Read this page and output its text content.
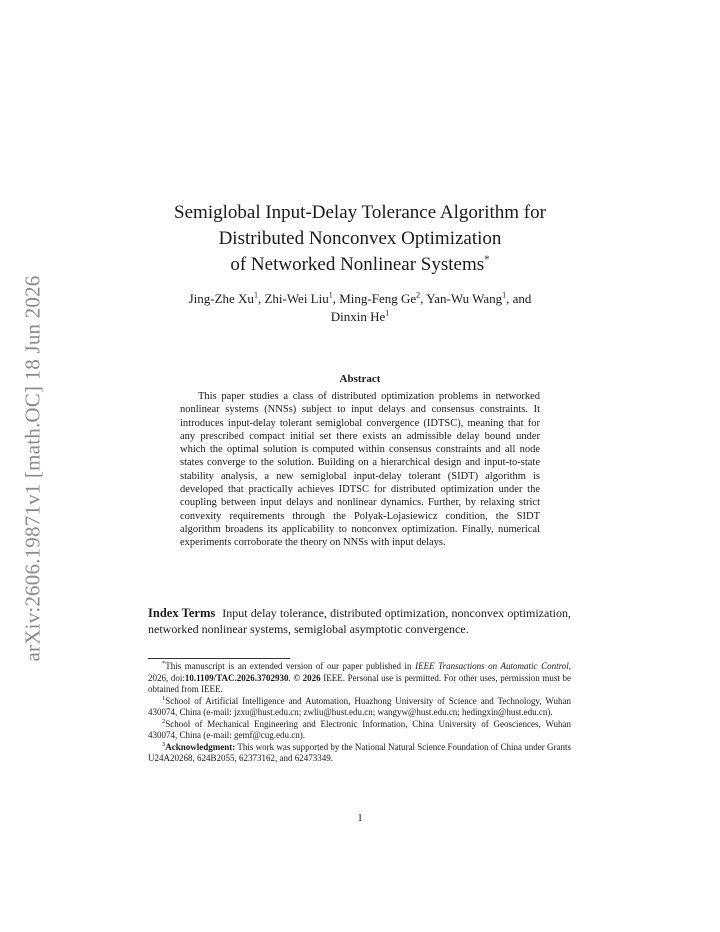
arXiv:2606.19871v1 [math.OC] 18 Jun 2026
Semiglobal Input-Delay Tolerance Algorithm for
Distributed Nonconvex Optimization
of Networked Nonlinear Systems*
Jing-Zhe Xu$^1$, Zhi-Wei Liu$^1$, Ming-Feng Ge$^2$, Yan-Wu Wang$^1$, and
Dinxin He$^1$
Abstract

This paper studies a class of distributed optimization problems in networked nonlinear systems (NNSs) subject to input delays and consensus constraints. It introduces input-delay tolerant semiglobal convergence (IDTSC), meaning that for any prescribed compact initial set there exists an admissible delay bound under which the optimal solution is computed within consensus constraints and all node states converge to the solution. Building on a hierarchical design and input-to-state stability analysis, a new semiglobal input-delay tolerant (SIDT) algorithm is developed that practically achieves IDTSC for distributed optimization under the coupling between input delays and nonlinear dynamics. Further, by relaxing strict convexity requirements through the Polyak-Lojasiewicz condition, the SIDT algorithm broadens its applicability to nonconvex optimization. Finally, numerical experiments corroborate the theory on NNSs with input delays.

Index Terms Input delay tolerance, distributed optimization, nonconvex optimization, networked nonlinear systems, semiglobal asymptotic convergence.

*This manuscript is an extended version of our paper published in IEEE Transactions on Automatic Control, 2026, doi:10.1109/TAC.2026.3702930. © 2026 IEEE. Personal use is permitted. For other uses, permission must be obtained from IEEE.

$^1$School of Artificial Intelligence and Automation, Huazhong University of Science and Technology, Wuhan 430074, China (e-mail: jzxu@hust.edu.cn; zwliu@hust.edu.cn; wangyw@hust.edu.cn; hedingxin@hust.edu.cn).

$^2$School of Mechanical Engineering and Electronic Information, China University of Geosciences, Wuhan 430074, China (e-mail: gemf@cug.edu.cn).

$^3$Acknowledgment: This work was supported by the National Natural Science Foundation of China under Grants U24A20268, 624B2055, 62373162, and 62473349.

1
